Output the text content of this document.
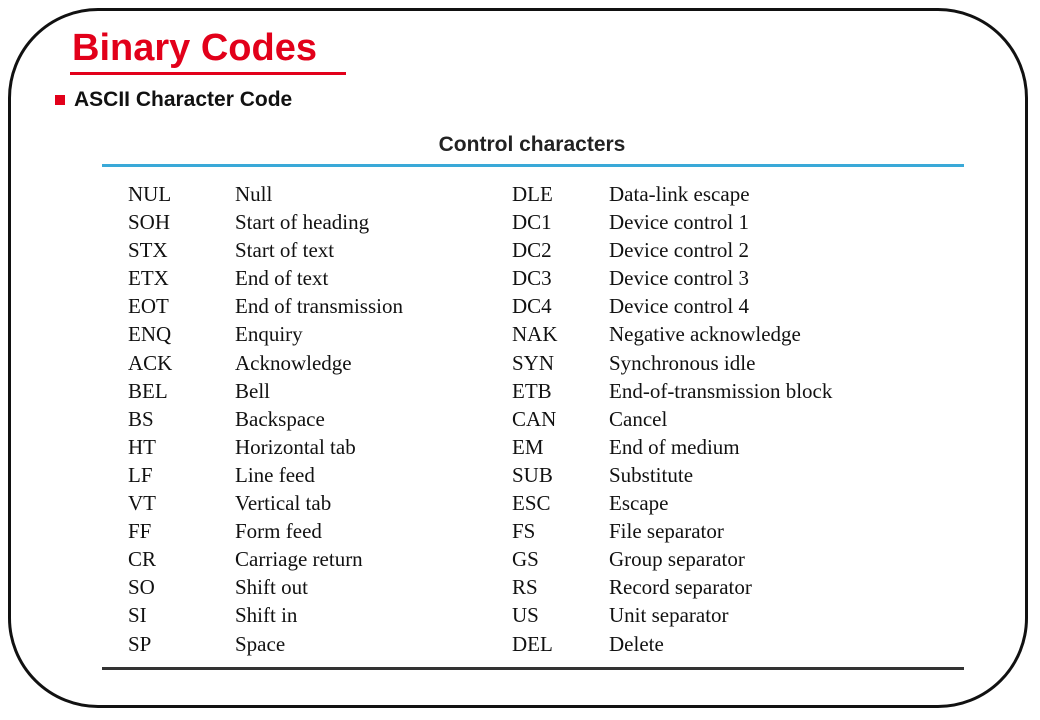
Binary Codes
ASCII Character Code
Control characters
NUL	Null	DLE	Data-link escape
SOH	Start of heading	DC1	Device control 1
STX	Start of text	DC2	Device control 2
ETX	End of text	DC3	Device control 3
EOT	End of transmission	DC4	Device control 4
ENQ	Enquiry	NAK Negative acknowledge
ACK	Acknowledge	SYN	Synchronous idle
BEL	Bell	ETB	End-of-transmission block
BS	Backspace	CAN	Cancel
HT	Horizontal tab	EM	End of medium
LF	Line feed	SUB	Substitute
VT	Vertical tab	ESC	Escape
FF	Form feed	FS	File separator
CR	Carriage return	GS	Group separator
SO	Shift out	RS	Record separator
SI	Shift in	US	Unit separator
SP	Space	DEL	Delete
